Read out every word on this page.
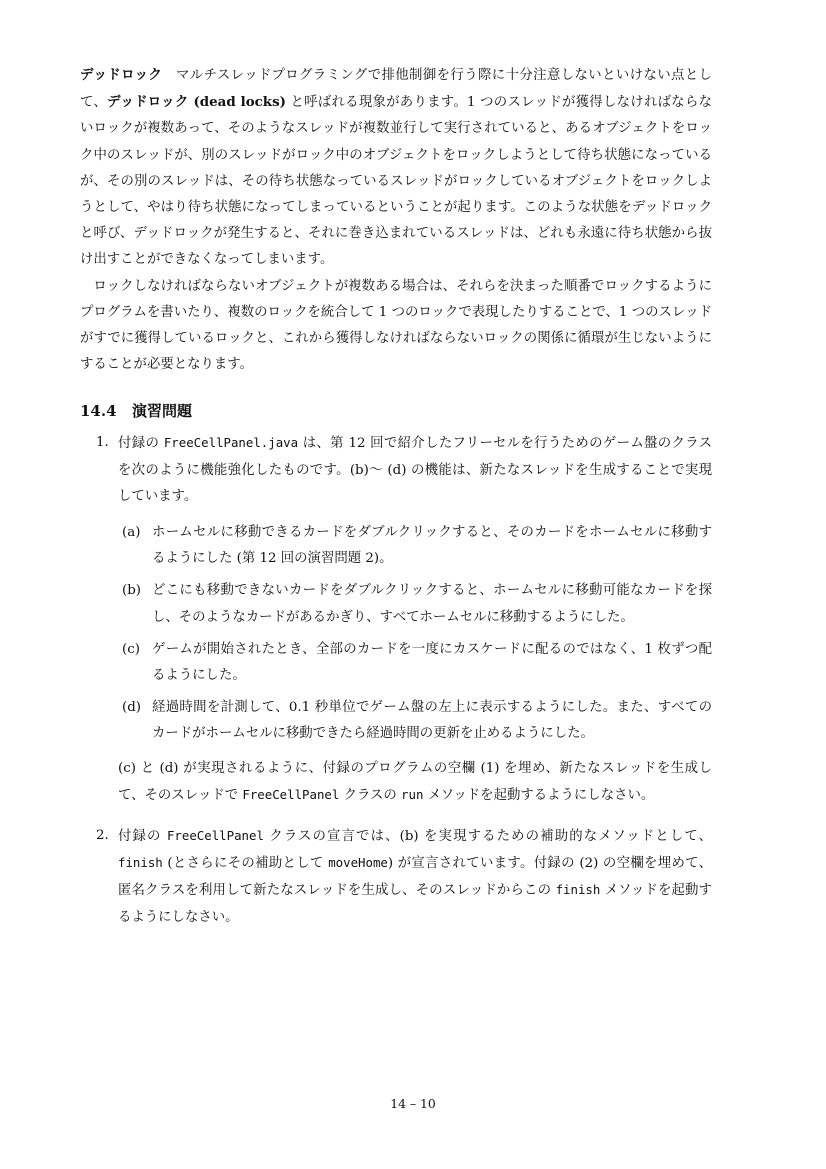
デッドロック　 マルチスレッドプログラミングで排他制御を行う際に十分注意しないといけない点として、デッドロック (dead locks) と呼ばれる現象があります。1 つのスレッドが獲得しなければならないロックが複数あって、そのようなスレッドが複数並行して実行されていると、あるオブジェクトをロック中のスレッドが、別のスレッドがロック中のオブジェクトをロックしようとして待ち状態になっているが、その別のスレッドは、その待ち状態なっているスレッドがロックしているオブジェクトをロックしようとして、やはり待ち状態になってしまっているということが起ります。このような状態をデッドロックと呼び、デッドロックが発生すると、それに巻き込まれているスレッドは、どれも永遠に待ち状態から抜け出すことができなくなってしまいます。

ロックしなければならないオブジェクトが複数ある場合は、それらを決まった順番でロックするようにプログラムを書いたり、複数のロックを統合して 1 つのロックで表現したりすることで、1 つのスレッドがすでに獲得しているロックと、これから獲得しなければならないロックの関係に循環が生じないようにすることが必要となります。

14.4 演習問題
1. 付録の FreeCellPanel.java は、第 12 回で紹介したフリーセルを行うためのゲーム盤のクラスを次のように機能強化したものです。(b)～ (d) の機能は、新たなスレッドを生成することで実現しています。

(a) ホームセルに移動できるカードをダブルクリックすると、そのカードをホームセルに移動するようにした (第 12 回の演習問題 2)。

(b) どこにも移動できないカードをダブルクリックすると、ホームセルに移動可能なカードを探し、そのようなカードがあるかぎり、すべてホームセルに移動するようにした。

(c) ゲームが開始されたとき、全部のカードを一度にカスケードに配るのではなく、1 枚ずつ配るようにした。

(d) 経過時間を計測して、0.1 秒単位でゲーム盤の左上に表示するようにした。また、すべてのカードがホームセルに移動できたら経過時間の更新を止めるようにした。

(c) と (d) が実現されるように、付録のプログラムの空欄 (1) を埋め、新たなスレッドを生成して、そのスレッドで FreeCellPanel クラスの run メソッドを起動するようにしなさい。

2. 付録の FreeCellPanel クラスの宣言では、(b) を実現するための補助的なメソッドとして、finish (とさらにその補助として moveHome) が宣言されています。付録の (2) の空欄を埋めて、匿名クラスを利用して新たなスレッドを生成し、そのスレッドからこの finish メソッドを起動するようにしなさい。

14 – 10
